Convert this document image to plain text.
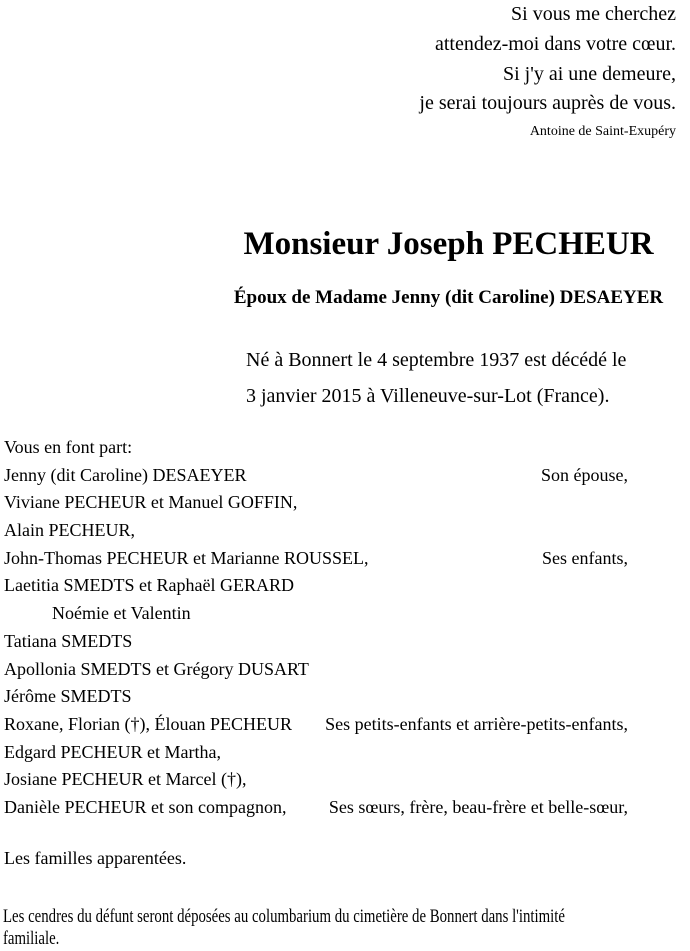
Si vous me cherchez
attendez-moi dans votre cœur.
Si j'y ai une demeure,
je serai toujours auprès de vous.
Antoine de Saint-Exupéry
Monsieur Joseph PECHEUR
Époux de Madame Jenny (dit Caroline) DESAEYER
Né à Bonnert le 4 septembre 1937 est décédé le
3 janvier 2015 à Villeneuve-sur-Lot (France).
Vous en font part:
Jenny (dit Caroline) DESAEYER	Son épouse,
Viviane PECHEUR et Manuel GOFFIN,
Alain PECHEUR,
John-Thomas PECHEUR et Marianne ROUSSEL,	Ses enfants,
Laetitia SMEDTS et Raphaël GERARD
Noémie et Valentin
Tatiana SMEDTS
Apollonia SMEDTS et Grégory DUSART
Jérôme SMEDTS
Roxane, Florian (†), Élouan PECHEUR Ses petits-enfants et arrière-petits-enfants,
Edgard PECHEUR et Martha,
Josiane PECHEUR et Marcel (†),
Danièle PECHEUR et son compagnon, Ses sœurs, frère, beau-frère et belle-sœur,
Les familles apparentées.
Les cendres du défunt seront déposées au columbarium du cimetière de Bonnert dans l'intimité
familiale.
